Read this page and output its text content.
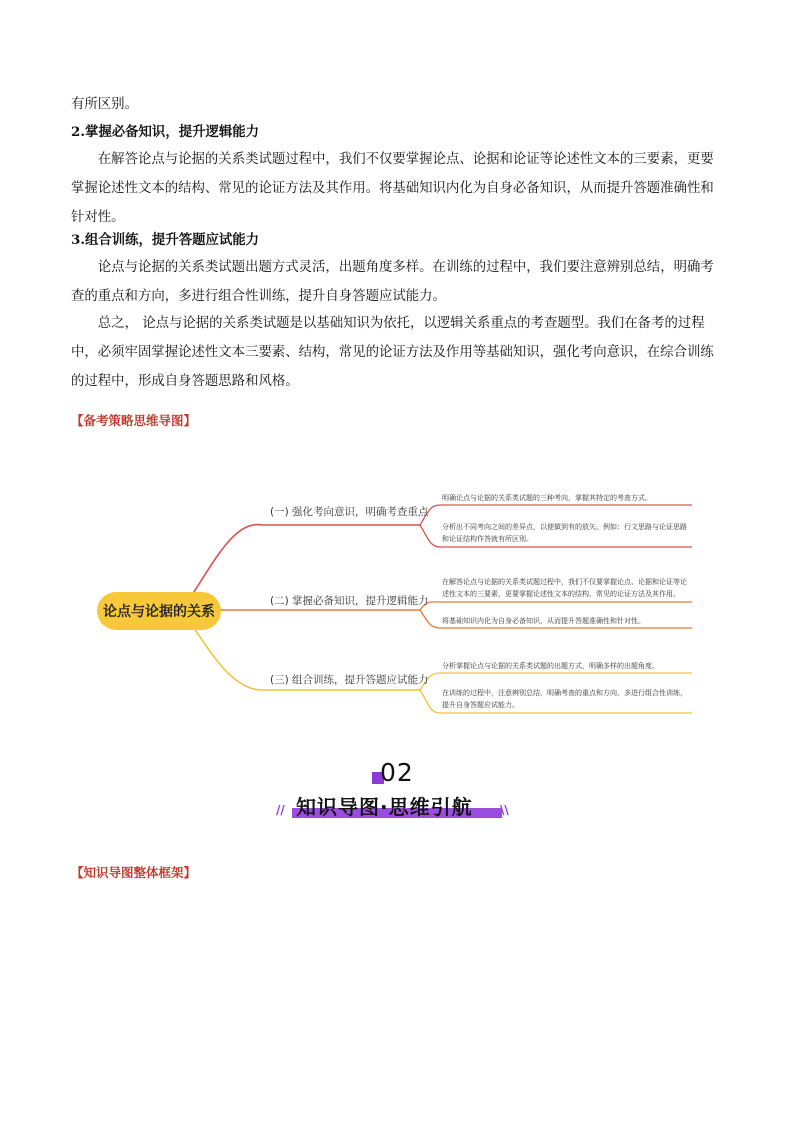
有所区别。

2.掌握必备知识，提升逻辑能力

在解答论点与论据的关系类试题过程中，我们不仅要掌握论点、论据和论证等论述性文本的三要素，更要掌握论述性文本的结构、常见的论证方法及其作用。将基础知识内化为自身必备知识，从而提升答题准确性和针对性。

3.组合训练，提升答题应试能力

论点与论据的关系类试题出题方式灵活，出题角度多样。在训练的过程中，我们要注意辨别总结，明确考查的重点和方向，多进行组合性训练，提升自身答题应试能力。

总之， 论点与论据的关系类试题是以基础知识为依托，以逻辑关系重点的考查题型。我们在备考的过程中，必须牢固掌握论述性文本三要素、结构，常见的论证方法及作用等基础知识，强化考向意识，在综合训练的过程中，形成自身答题思路和风格。

【备考策略思维导图】
论点与论据的关系
(一) 强化考向意识，明确考查重点
(二) 掌握必备知识，提升逻辑能力
(三) 组合训练，提升答题应试能力
明确论点与论据的关系类试题的三种考向，掌握其特定的考查方式。
分析出不同考向之间的差异点，以便做到有的放矢。例如：行文思路与论证思路
和论证结构作答就有所区别。
在解答论点与论据的关系类试题过程中，我们不仅要掌握论点、论据和论证等论
述性文本的三要素，更要掌握论述性文本的结构、常见的论证方法及其作用。
将基础知识内化为自身必备知识，从而提升答题准确性和针对性。
分析掌握论点与论据的关系类试题的出题方式，明确多样的出题角度。
在训练的过程中，注意辨别总结，明确考查的重点和方向，多进行组合性训练，
提升自身答题应试能力。
02
知识导图·思维引航
//	\\
【知识导图整体框架】
